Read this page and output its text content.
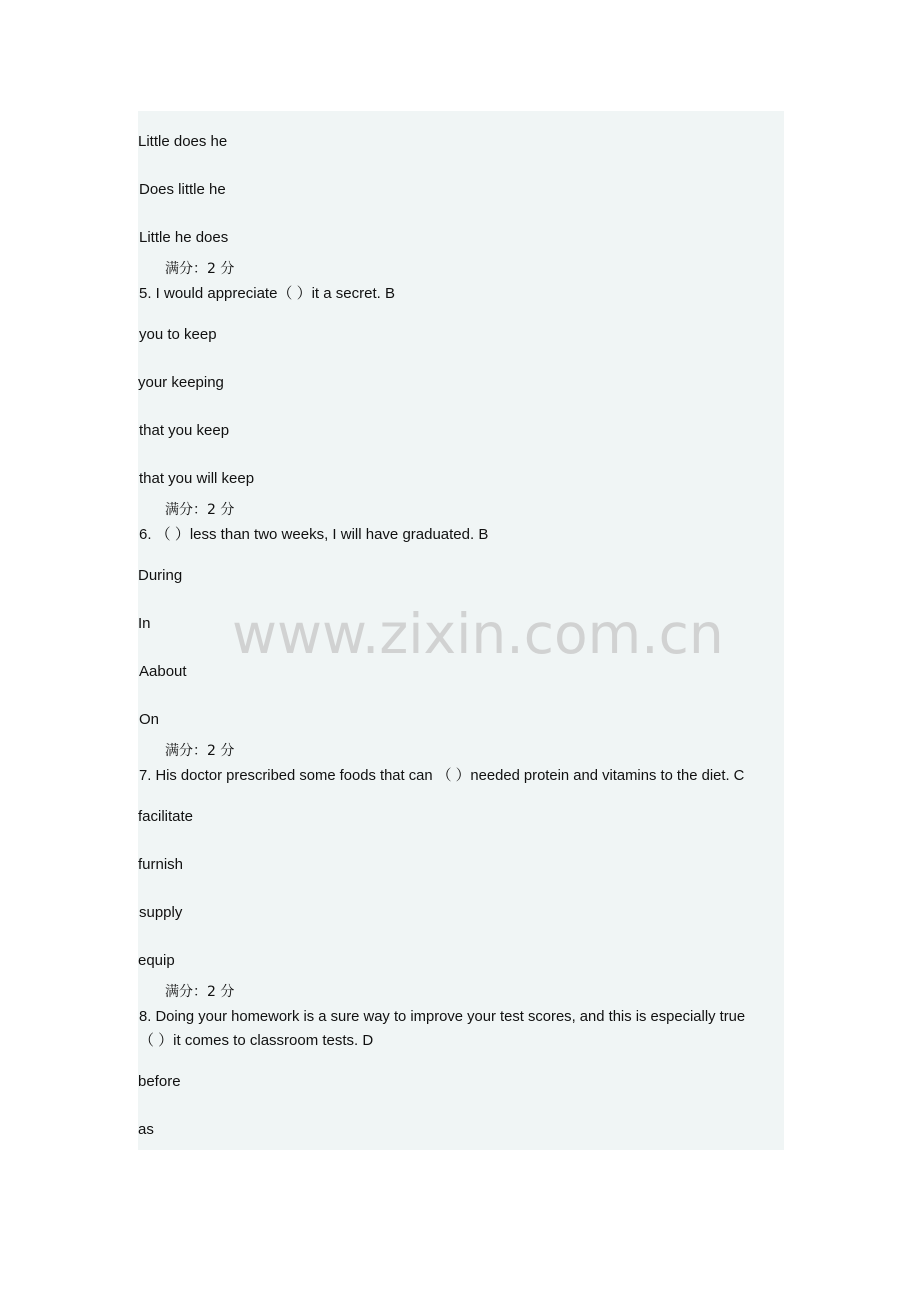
Little does he
Does little he
Little he does
满分：2 分
5. I would appreciate（ ）it a secret. B
you to keep
your keeping
that you keep
that you will keep
满分：2 分
6. （ ）less than two weeks, I will have graduated. B
During
In
Aabout
On
满分：2 分
7. His doctor prescribed some foods that can （ ）needed protein and vitamins to the diet. C
facilitate
furnish
supply
equip
满分：2 分
8. Doing your homework is a sure way to improve your test scores, and this is especially true
（ ）it comes to classroom tests. D
before
as
www.zixin.com.cn
